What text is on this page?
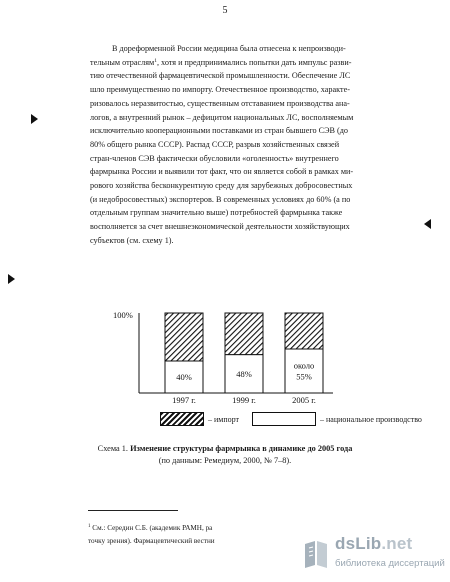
5

В дореформенной России медицина была отнесена к непроизводи-

тельным отраслям$^1$, хотя и предпринимались попытки дать импульс разви-

тию отечественной фармацевтической промышленности. Обеспечение ЛС

шло преимущественно по импорту. Отечественное производство, характе-

ризовалось неразвитостью, существенным отставанием производства ана-

логов, а внутренний рынок – дефицитом национальных ЛС, восполняемым

исключительно кооперационными поставками из стран бывшего СЭВ (до

80% общего рынка СССР). Распад СССР, разрыв хозяйственных связей

стран-членов СЭВ фактически обусловили «оголенность» внутреннего

фармрынка России и выявили тот факт, что он является собой в рамках ми-

рового хозяйства бесконкурентную среду для зарубежных добросовестных

(и недобросовестных) экспортеров. В современных условиях до 60% (а по

отдельным группам значительно выше) потребностей фармрынка также

восполняется за счет внешнеэкономической деятельности хозяйствующих

субъектов (см. схему 1).

100%
40%
1997 г.
48%
1999 г.
около
55%
2005 г.
– импорт	– национальное производство
Схема 1. Изменение структуры фармрынка в динамике до 2005 года
(по данным: Ремедиум, 2000, № 7–8).
$^1$ См.: Середин С.Б. (академик РАМН, ра
точку зрения). Фармацевтический вестни	dsLib.net
библиотека диссертаций
